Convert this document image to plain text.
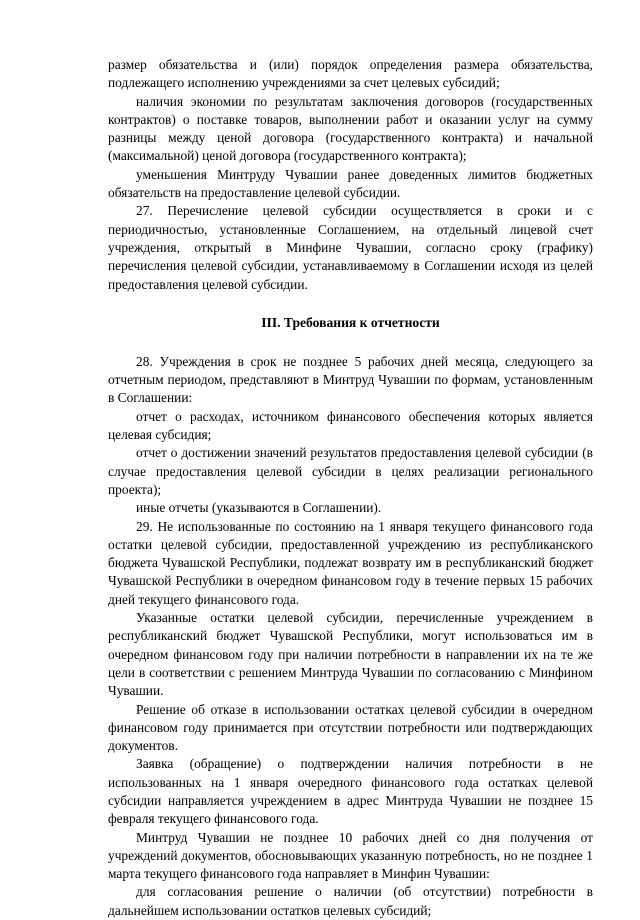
размер обязательства и (или) порядок определения размера обязательства, подлежащего исполнению учреждениями за счет целевых субсидий;

наличия экономии по результатам заключения договоров (государственных контрактов) о поставке товаров, выполнении работ и оказании услуг на сумму разницы между ценой договора (государственного контракта) и начальной (максимальной) ценой договора (государственного контракта);

уменьшения Минтруду Чувашии ранее доведенных лимитов бюджетных обязательств на предоставление целевой субсидии.

27. Перечисление целевой субсидии осуществляется в сроки и с периодичностью, установленные Соглашением, на отдельный лицевой счет учреждения, открытый в Минфине Чувашии, согласно сроку (графику) перечисления целевой субсидии, устанавливаемому в Соглашении исходя из целей предоставления целевой субсидии.

III. Требования к отчетности

28. Учреждения в срок не позднее 5 рабочих дней месяца, следующего за отчетным периодом, представляют в Минтруд Чувашии по формам, установленным в Соглашении:

отчет о расходах, источником финансового обеспечения которых является целевая субсидия;

отчет о достижении значений результатов предоставления целевой субсидии (в случае предоставления целевой субсидии в целях реализации регионального проекта);

иные отчеты (указываются в Соглашении).

29. Не использованные по состоянию на 1 января текущего финансового года остатки целевой субсидии, предоставленной учреждению из республиканского бюджета Чувашской Республики, подлежат возврату им в республиканский бюджет Чувашской Республики в очередном финансовом году в течение первых 15 рабочих дней текущего финансового года.

Указанные остатки целевой субсидии, перечисленные учреждением в республиканский бюджет Чувашской Республики, могут использоваться им в очередном финансовом году при наличии потребности в направлении их на те же цели в соответствии с решением Минтруда Чувашии по согласованию с Минфином Чувашии.

Решение об отказе в использовании остатках целевой субсидии в очередном финансовом году принимается при отсутствии потребности или подтверждающих документов.

Заявка (обращение) о подтверждении наличия потребности в не использованных на 1 января очередного финансового года остатках целевой субсидии направляется учреждением в адрес Минтруда Чувашии не позднее 15 февраля текущего финансового года.

Минтруд Чувашии не позднее 10 рабочих дней со дня получения от учреждений документов, обосновывающих указанную потребность, но не позднее 1 марта текущего финансового года направляет в Минфин Чувашии:

для согласования решение о наличии (об отсутствии) потребности в дальнейшем использовании остатков целевых субсидий;
